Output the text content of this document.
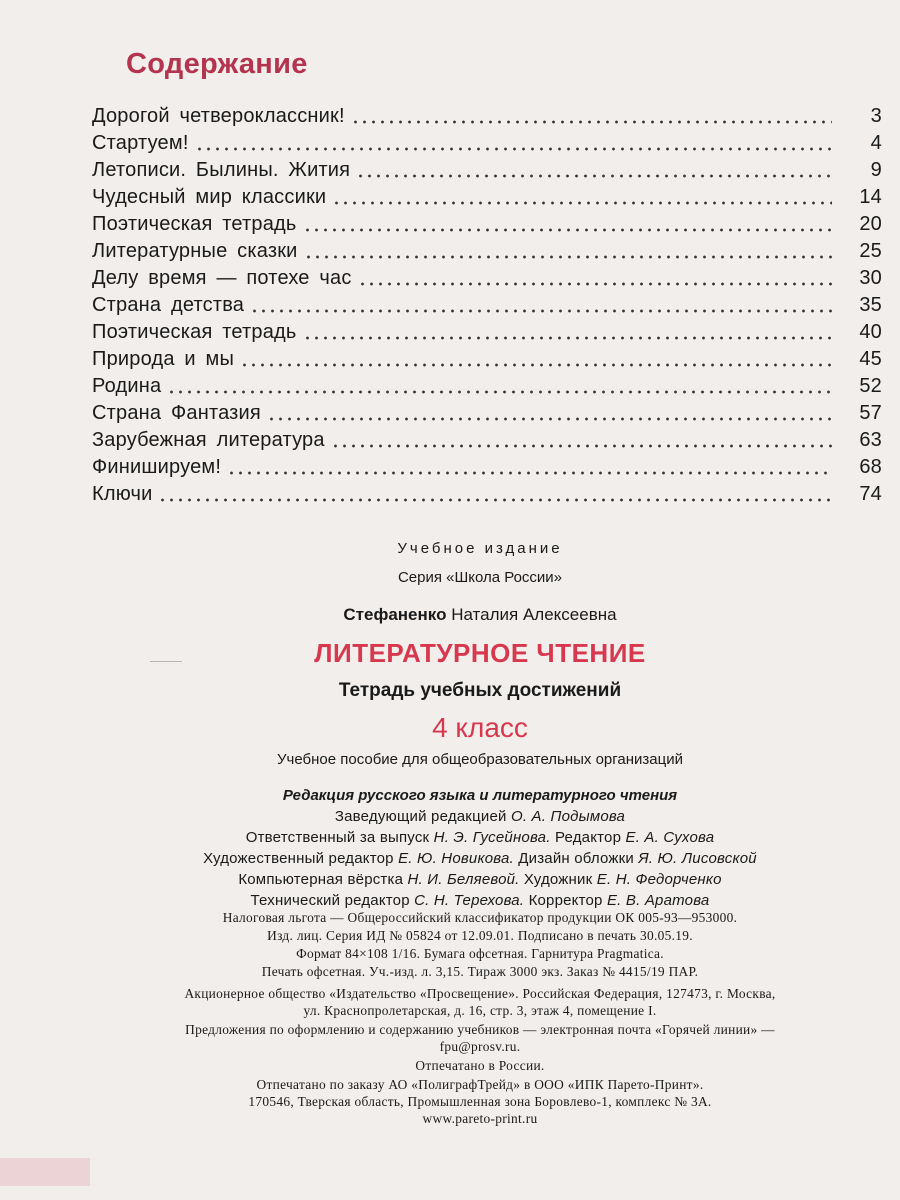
Содержание
Дорогой четвероклассник!	3
Стартуем!	4
Летописи. Былины. Жития	9
Чудесный мир классики	14
Поэтическая тетрадь	20
Литературные сказки	25
Делу время — потехе час	30
Страна детства	35
Поэтическая тетрадь	40
Природа и мы	45
Родина	52
Страна Фантазия	57
Зарубежная литература	63
Финишируем!	68
Ключи	74
Учебное издание
Серия «Школа России»
Стефаненко Наталия Алексеевна
ЛИТЕРАТУРНОЕ ЧТЕНИЕ
Тетрадь учебных достижений
4 класс
Учебное пособие для общеобразовательных организаций
Редакция русского языка и литературного чтения
Заведующий редакцией О. А. Подымова
Ответственный за выпуск Н. Э. Гусейнова. Редактор Е. А. Сухова
Художественный редактор Е. Ю. Новикова. Дизайн обложки Я. Ю. Лисовской
Компьютерная вёрстка Н. И. Беляевой. Художник Е. Н. Федорченко
Технический редактор С. Н. Терехова. Корректор Е. В. Аратова
Налоговая льгота — Общероссийский классификатор продукции ОК 005-93—953000.
Изд. лиц. Серия ИД № 05824 от 12.09.01. Подписано в печать 30.05.19.
Формат 84×108 1/16. Бумага офсетная. Гарнитура Pragmatica.
Печать офсетная. Уч.-изд. л. 3,15. Тираж 3000 экз. Заказ № 4415/19 ПАР.
Акционерное общество «Издательство «Просвещение». Российская Федерация, 127473, г. Москва,
ул. Краснопролетарская, д. 16, стр. 3, этаж 4, помещение I.
Предложения по оформлению и содержанию учебников — электронная почта «Горячей линии» —
fpu@prosv.ru.
Отпечатано в России.
Отпечатано по заказу АО «ПолиграфТрейд» в ООО «ИПК Парето-Принт».
170546, Тверская область, Промышленная зона Боровлево-1, комплекс № 3А.
www.pareto-print.ru
